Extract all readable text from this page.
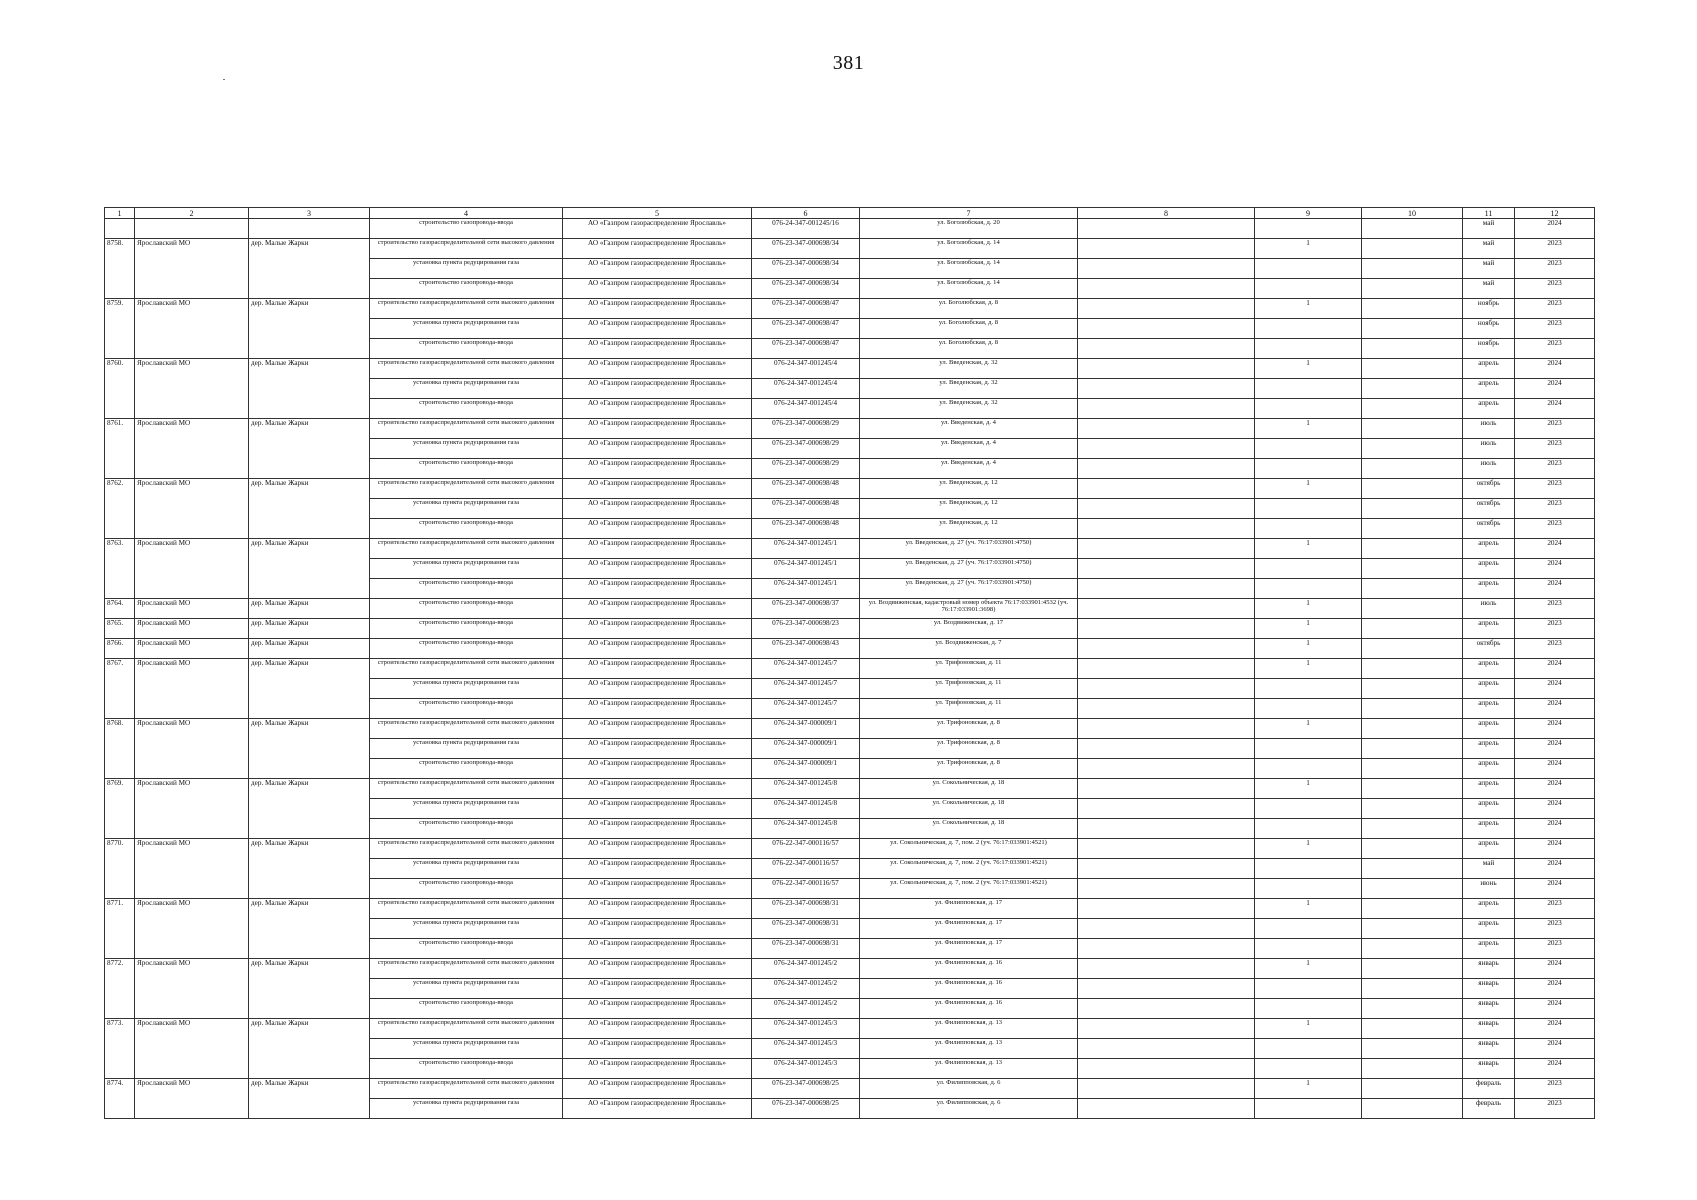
381
1	2	3	4	5	6	7	8	9	10	11	12
			строительство газопровода-ввода	АО «Газпром газораспределение Ярославль»	076-24-347-001245/16	ул. Боголюбская, д. 20				май	2024
8758.	Ярославский МО	дер. Малые Жарки	строительство газораспределительной сети высокого давления	АО «Газпром газораспределение Ярославль»	076-23-347-000698/34	ул. Боголюбская, д. 14		1		май	2023
			установка пункта редуцирования газа	АО «Газпром газораспределение Ярославль»	076-23-347-000698/34	ул. Боголюбская, д. 14				май	2023
			строительство газопровода-ввода	АО «Газпром газораспределение Ярославль»	076-23-347-000698/34	ул. Боголюбская, д. 14				май	2023
8759.	Ярославский МО	дер. Малые Жарки	строительство газораспределительной сети высокого давления	АО «Газпром газораспределение Ярославль»	076-23-347-000698/47	ул. Боголюбская, д. 8		1		ноябрь	2023
			установка пункта редуцирования газа	АО «Газпром газораспределение Ярославль»	076-23-347-000698/47	ул. Боголюбская, д. 8				ноябрь	2023
			строительство газопровода-ввода	АО «Газпром газораспределение Ярославль»	076-23-347-000698/47	ул. Боголюбская, д. 8				ноябрь	2023
8760.	Ярославский МО	дер. Малые Жарки	строительство газораспределительной сети высокого давления	АО «Газпром газораспределение Ярославль»	076-24-347-001245/4	ул. Введенская, д. 32		1		апрель	2024
			установка пункта редуцирования газа	АО «Газпром газораспределение Ярославль»	076-24-347-001245/4	ул. Введенская, д. 32				апрель	2024
			строительство газопровода-ввода	АО «Газпром газораспределение Ярославль»	076-24-347-001245/4	ул. Введенская, д. 32				апрель	2024
8761.	Ярославский МО	дер. Малые Жарки	строительство газораспределительной сети высокого давления	АО «Газпром газораспределение Ярославль»	076-23-347-000698/29	ул. Введенская, д. 4		1		июль	2023
			установка пункта редуцирования газа	АО «Газпром газораспределение Ярославль»	076-23-347-000698/29	ул. Введенская, д. 4				июль	2023
			строительство газопровода-ввода	АО «Газпром газораспределение Ярославль»	076-23-347-000698/29	ул. Введенская, д. 4				июль	2023
8762.	Ярославский МО	дер. Малые Жарки	строительство газораспределительной сети высокого давления	АО «Газпром газораспределение Ярославль»	076-23-347-000698/48	ул. Введенская, д. 12		1		октябрь	2023
			установка пункта редуцирования газа	АО «Газпром газораспределение Ярославль»	076-23-347-000698/48	ул. Введенская, д. 12				октябрь	2023
			строительство газопровода-ввода	АО «Газпром газораспределение Ярославль»	076-23-347-000698/48	ул. Введенская, д. 12				октябрь	2023
8763.	Ярославский МО	дер. Малые Жарки	строительство газораспределительной сети высокого давления	АО «Газпром газораспределение Ярославль»	076-24-347-001245/1	ул. Введенская, д. 27 (уч. 76:17:033901:4750)		1		апрель	2024
			установка пункта редуцирования газа	АО «Газпром газораспределение Ярославль»	076-24-347-001245/1	ул. Введенская, д. 27 (уч. 76:17:033901:4750)				апрель	2024
			строительство газопровода-ввода	АО «Газпром газораспределение Ярославль»	076-24-347-001245/1	ул. Введенская, д. 27 (уч. 76:17:033901:4750)				апрель	2024
8764.	Ярославский МО	дер. Малые Жарки	строительство газопровода-ввода	АО «Газпром газораспределение Ярославль»	076-23-347-000698/37	ул. Воздвиженская, кадастровый номер объекта 76:17:033901:4532 (уч. 76:17:033901:3698)		1		июль	2023
8765.	Ярославский МО	дер. Малые Жарки	строительство газопровода-ввода	АО «Газпром газораспределение Ярославль»	076-23-347-000698/23	ул. Воздвиженская, д. 17		1		апрель	2023
8766.	Ярославский МО	дер. Малые Жарки	строительство газопровода-ввода	АО «Газпром газораспределение Ярославль»	076-23-347-000698/43	ул. Воздвиженская, д. 7		1		октябрь	2023
8767.	Ярославский МО	дер. Малые Жарки	строительство газораспределительной сети высокого давления	АО «Газпром газораспределение Ярославль»	076-24-347-001245/7	ул. Трифоновская, д. 11		1		апрель	2024
			установка пункта редуцирования газа	АО «Газпром газораспределение Ярославль»	076-24-347-001245/7	ул. Трифоновская, д. 11				апрель	2024
			строительство газопровода-ввода	АО «Газпром газораспределение Ярославль»	076-24-347-001245/7	ул. Трифоновская, д. 11				апрель	2024
8768.	Ярославский МО	дер. Малые Жарки	строительство газораспределительной сети высокого давления	АО «Газпром газораспределение Ярославль»	076-24-347-000009/1	ул. Трифоновская, д. 8		1		апрель	2024
			установка пункта редуцирования газа	АО «Газпром газораспределение Ярославль»	076-24-347-000009/1	ул. Трифоновская, д. 8				апрель	2024
			строительство газопровода-ввода	АО «Газпром газораспределение Ярославль»	076-24-347-000009/1	ул. Трифоновская, д. 8				апрель	2024
8769.	Ярославский МО	дер. Малые Жарки	строительство газораспределительной сети высокого давления	АО «Газпром газораспределение Ярославль»	076-24-347-001245/8	ул. Сокольническая, д. 18		1		апрель	2024
			установка пункта редуцирования газа	АО «Газпром газораспределение Ярославль»	076-24-347-001245/8	ул. Сокольническая, д. 18				апрель	2024
			строительство газопровода-ввода	АО «Газпром газораспределение Ярославль»	076-24-347-001245/8	ул. Сокольническая, д. 18				апрель	2024
8770.	Ярославский МО	дер. Малые Жарки	строительство газораспределительной сети высокого давления	АО «Газпром газораспределение Ярославль»	076-22-347-000116/57	ул. Сокольническая, д. 7, пом. 2 (уч. 76:17:033901:4521)		1		апрель	2024
			установка пункта редуцирования газа	АО «Газпром газораспределение Ярославль»	076-22-347-000116/57	ул. Сокольническая, д. 7, пом. 2 (уч. 76:17:033901:4521)				май	2024
			строительство газопровода-ввода	АО «Газпром газораспределение Ярославль»	076-22-347-000116/57	ул. Сокольническая, д. 7, пом. 2 (уч. 76:17:033901:4521)				июнь	2024
8771.	Ярославский МО	дер. Малые Жарки	строительство газораспределительной сети высокого давления	АО «Газпром газораспределение Ярославль»	076-23-347-000698/31	ул. Филипповская, д. 17		1		апрель	2023
			установка пункта редуцирования газа	АО «Газпром газораспределение Ярославль»	076-23-347-000698/31	ул. Филипповская, д. 17				апрель	2023
			строительство газопровода-ввода	АО «Газпром газораспределение Ярославль»	076-23-347-000698/31	ул. Филипповская, д. 17				апрель	2023
8772.	Ярославский МО	дер. Малые Жарки	строительство газораспределительной сети высокого давления	АО «Газпром газораспределение Ярославль»	076-24-347-001245/2	ул. Филипповская, д. 16		1		январь	2024
			установка пункта редуцирования газа	АО «Газпром газораспределение Ярославль»	076-24-347-001245/2	ул. Филипповская, д. 16				январь	2024
			строительство газопровода-ввода	АО «Газпром газораспределение Ярославль»	076-24-347-001245/2	ул. Филипповская, д. 16				январь	2024
8773.	Ярославский МО	дер. Малые Жарки	строительство газораспределительной сети высокого давления	АО «Газпром газораспределение Ярославль»	076-24-347-001245/3	ул. Филипповская, д. 13		1		январь	2024
			установка пункта редуцирования газа	АО «Газпром газораспределение Ярославль»	076-24-347-001245/3	ул. Филипповская, д. 13				январь	2024
			строительство газопровода-ввода	АО «Газпром газораспределение Ярославль»	076-24-347-001245/3	ул. Филипповская, д. 13				январь	2024
8774.	Ярославский МО	дер. Малые Жарки	строительство газораспределительной сети высокого давления	АО «Газпром газораспределение Ярославль»	076-23-347-000698/25	ул. Филипповская, д. 6		1		февраль	2023
			установка пункта редуцирования газа	АО «Газпром газораспределение Ярославль»	076-23-347-000698/25	ул. Филипповская, д. 6				февраль	2023
